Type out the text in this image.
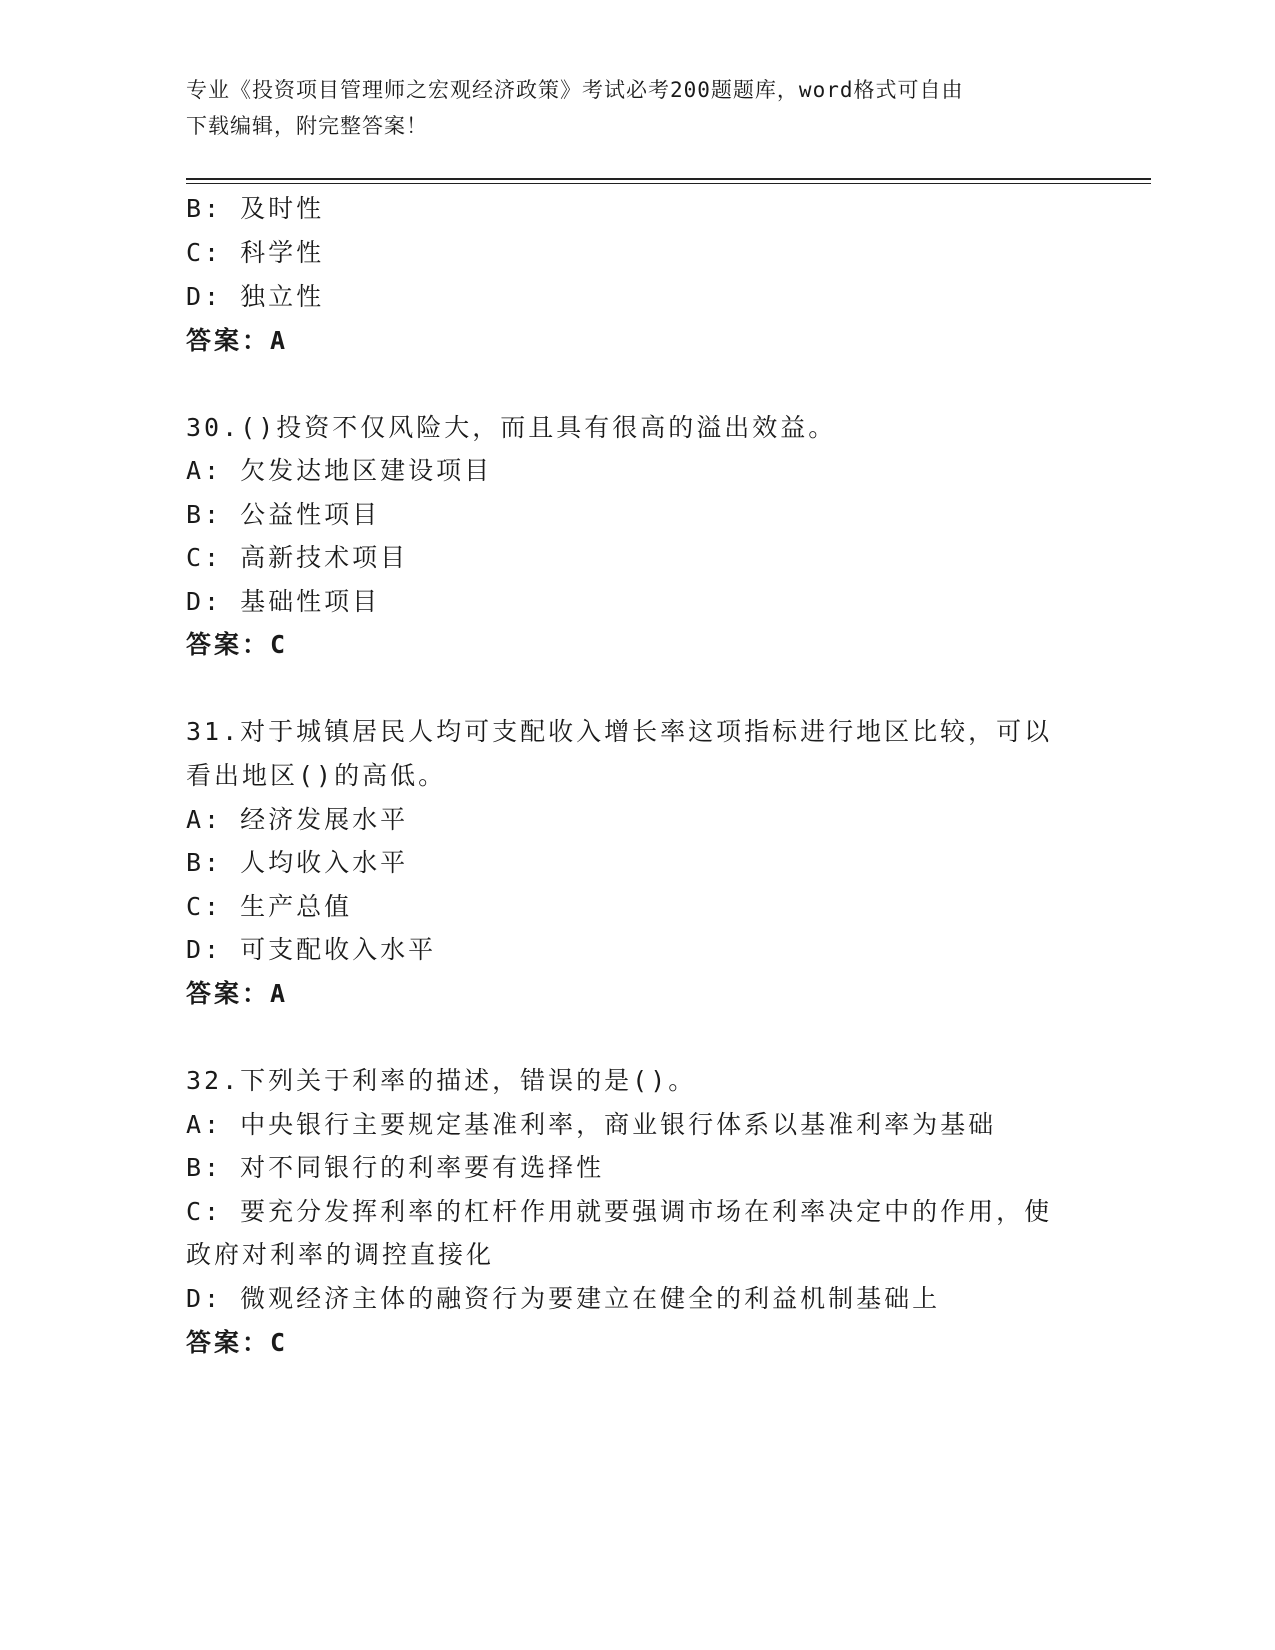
专业《投资项目管理师之宏观经济政策》考试必考200题题库，word格式可自由
下载编辑，附完整答案！
B: 及时性
C: 科学性
D: 独立性
答案：A
30.()投资不仅风险大，而且具有很高的溢出效益。
A: 欠发达地区建设项目
B: 公益性项目
C: 高新技术项目
D: 基础性项目
答案：C
31.对于城镇居民人均可支配收入增长率这项指标进行地区比较，可以
看出地区()的高低。
A: 经济发展水平
B: 人均收入水平
C: 生产总值
D: 可支配收入水平
答案：A
32.下列关于利率的描述，错误的是()。
A: 中央银行主要规定基准利率，商业银行体系以基准利率为基础
B: 对不同银行的利率要有选择性
C: 要充分发挥利率的杠杆作用就要强调市场在利率决定中的作用，使
政府对利率的调控直接化
D: 微观经济主体的融资行为要建立在健全的利益机制基础上
答案：C
